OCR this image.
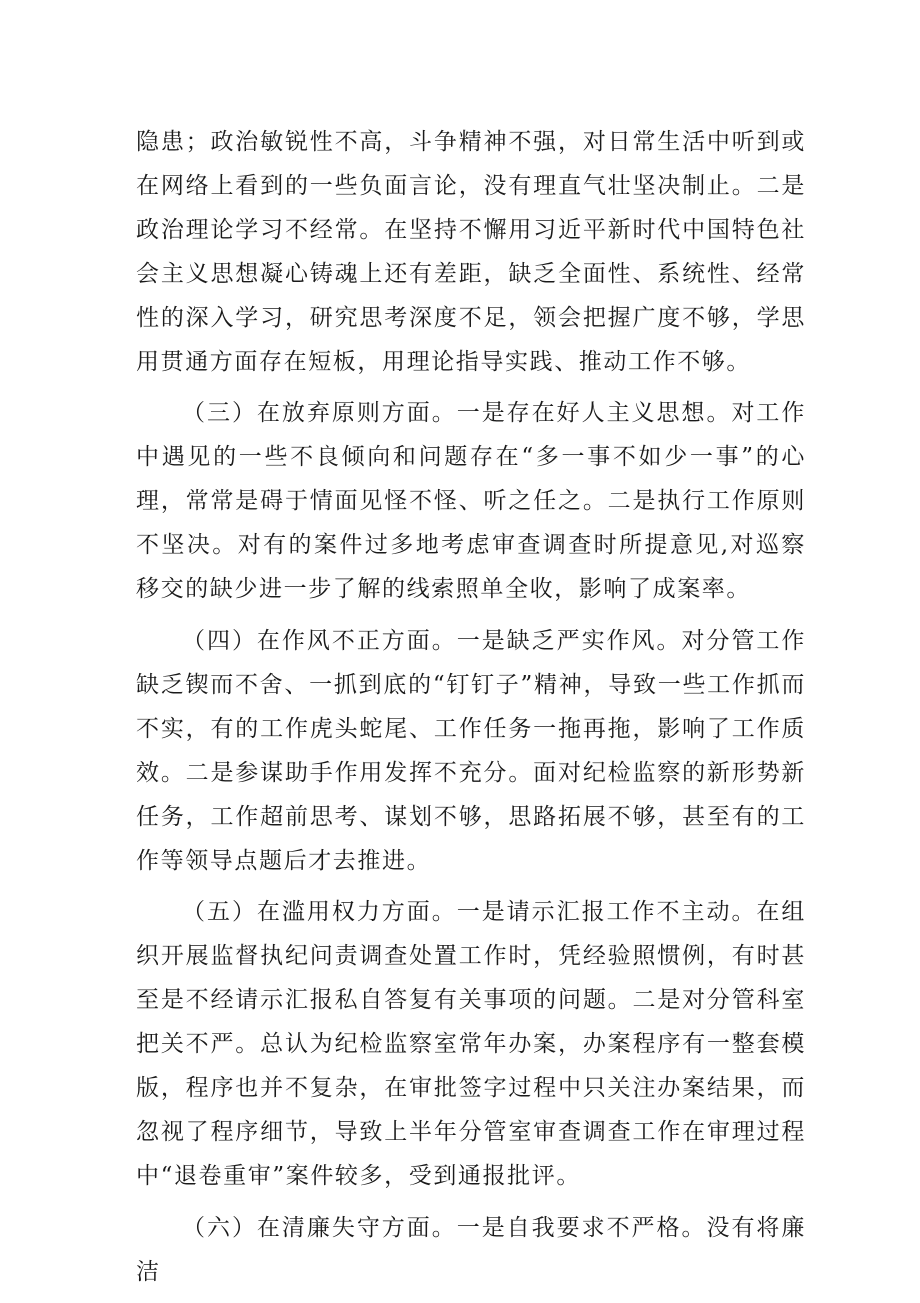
隐患；政治敏锐性不高，斗争精神不强，对日常生活中听到或在网络上看到的一些负面言论，没有理直气壮坚决制止。二是政治理论学习不经常。在坚持不懈用习近平新时代中国特色社会主义思想凝心铸魂上还有差距，缺乏全面性、系统性、经常性的深入学习，研究思考深度不足，领会把握广度不够，学思用贯通方面存在短板，用理论指导实践、推动工作不够。

（三）在放弃原则方面。一是存在好人主义思想。对工作中遇见的一些不良倾向和问题存在“多一事不如少一事”的心理，常常是碍于情面见怪不怪、听之任之。二是执行工作原则不坚决。对有的案件过多地考虑审查调查时所提意见,对巡察移交的缺少进一步了解的线索照单全收，影响了成案率。

（四）在作风不正方面。一是缺乏严实作风。对分管工作缺乏锲而不舍、一抓到底的“钉钉子”精神，导致一些工作抓而不实，有的工作虎头蛇尾、工作任务一拖再拖，影响了工作质效。二是参谋助手作用发挥不充分。面对纪检监察的新形势新任务，工作超前思考、谋划不够，思路拓展不够，甚至有的工作等领导点题后才去推进。

（五）在滥用权力方面。一是请示汇报工作不主动。在组织开展监督执纪问责调查处置工作时，凭经验照惯例，有时甚至是不经请示汇报私自答复有关事项的问题。二是对分管科室把关不严。总认为纪检监察室常年办案，办案程序有一整套模版，程序也并不复杂，在审批签字过程中只关注办案结果，而忽视了程序细节，导致上半年分管室审查调查工作在审理过程中“退卷重审”案件较多，受到通报批评。

（六）在清廉失守方面。一是自我要求不严格。没有将廉洁
